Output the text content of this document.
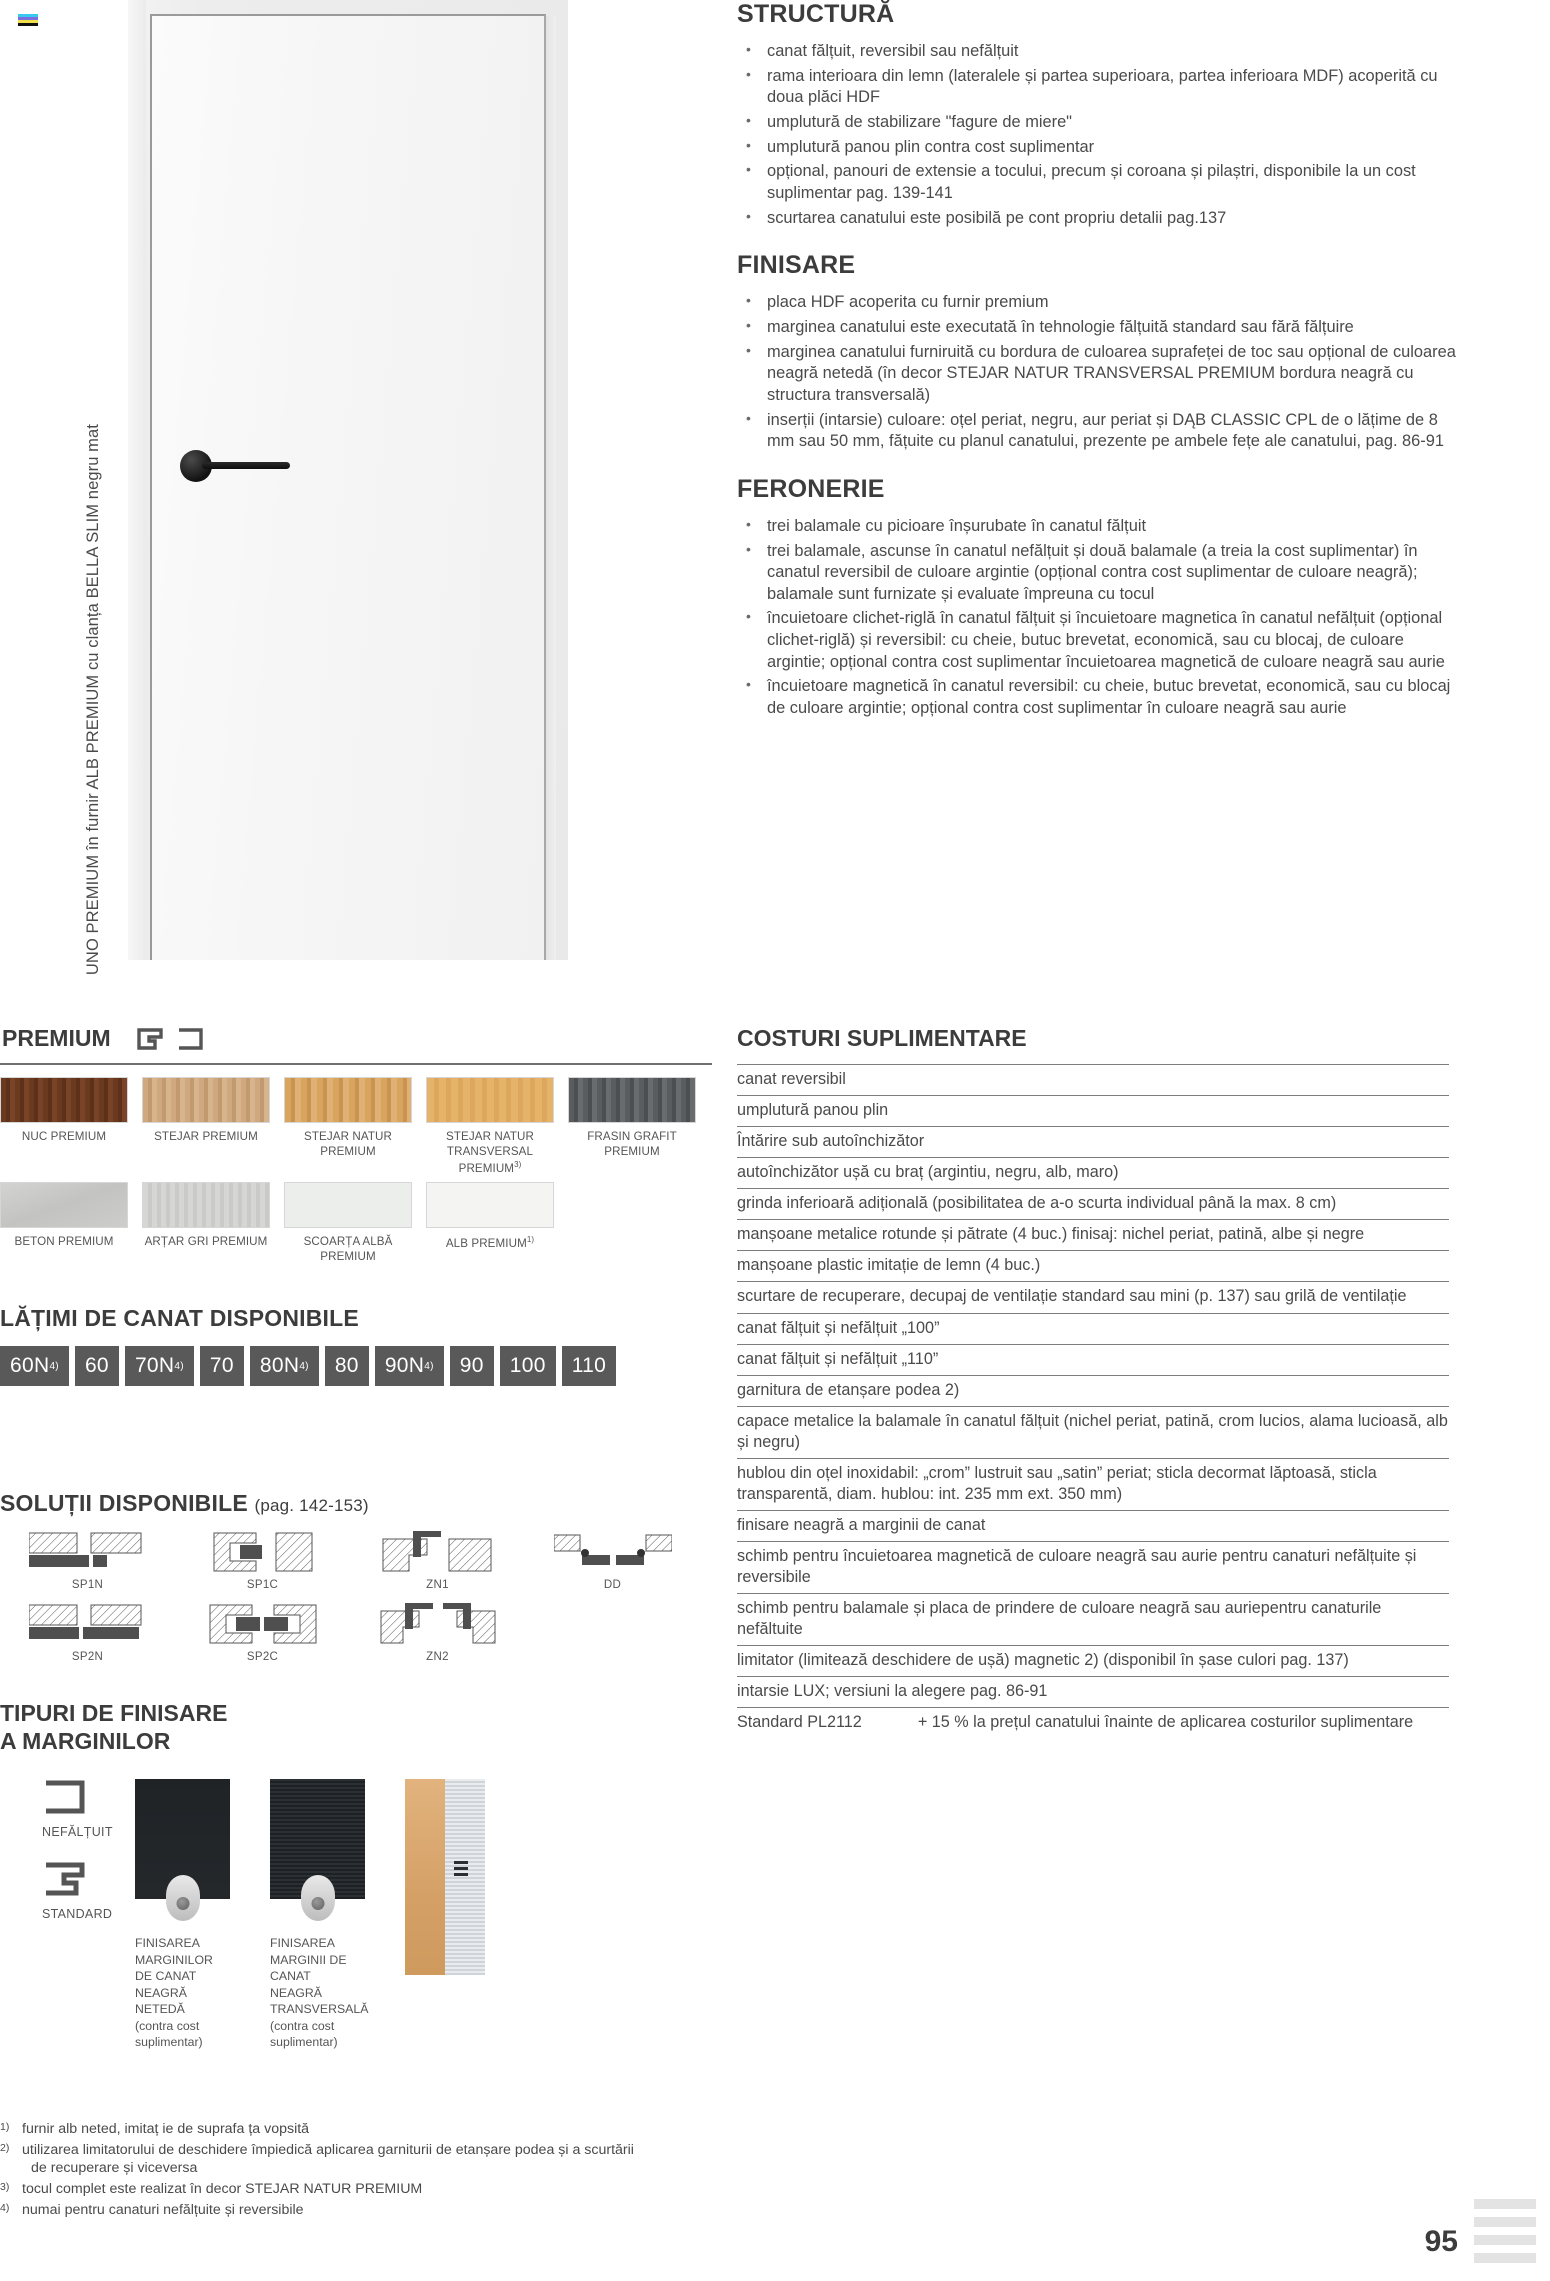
UNO PREMIUM în furnir ALB PREMIUM cu clanța BELLA SLIM negru mat
STRUCTURĂ
• canat fălțuit, reversibil sau nefălțuit
• rama interioara din lemn (lateralele și partea superioara, partea inferioara MDF) acoperită cu doua plăci HDF
• umplutură de stabilizare "fagure de miere"
• umplutură panou plin contra cost suplimentar
• opțional, panouri de extensie a tocului, precum și coroana și pilaștri, disponibile la un cost suplimentar pag. 139-141
• scurtarea canatului este posibilă pe cont propriu detalii pag.137
FINISARE
• placa HDF acoperita cu furnir premium
• marginea canatului este executată în tehnologie fălțuită standard sau fără fălțuire
• marginea canatului furniruită cu bordura de culoarea suprafeței de toc sau opțional de culoarea neagră netedă (în decor STEJAR NATUR TRANSVERSAL PREMIUM bordura neagră cu structura transversală)
• inserții (intarsie) culoare: oțel periat, negru, aur periat și DĄB CLASSIC CPL de o lățime de 8 mm sau 50 mm, fățuite cu planul canatului, prezente pe ambele fețe ale canatului, pag. 86-91
FERONERIE
• trei balamale cu picioare înșurubate în canatul fălțuit
• trei balamale, ascunse în canatul nefălțuit și două balamale (a treia la cost suplimentar) în canatul reversibil de culoare argintie (opțional contra cost suplimentar de culoare neagră); balamale sunt furnizate și evaluate împreuna cu tocul
• încuietoare clichet-riglă în canatul fălțuit și încuietoare magnetica în canatul nefălțuit (opțional clichet-riglă) și reversibil: cu cheie, butuc brevetat, economică, sau cu blocaj, de culoare argintie; opțional contra cost suplimentar încuietoarea magnetică de culoare neagră sau aurie
• încuietoare magnetică în canatul reversibil: cu cheie, butuc brevetat, economică, sau cu blocaj de culoare argintie; opțional contra cost suplimentar în culoare neagră sau aurie
PREMIUM
NUC PREMIUM	STEJAR PREMIUM	STEJAR NATUR PREMIUM
STEJAR NATUR TRANSVERSAL PREMIUM$^{3)}$
FRASIN GRAFIT PREMIUM
BETON PREMIUM	ARȚAR GRI PREMIUM	SCOARȚA ALBĂ PREMIUM
ALB PREMIUM$^{1)}$
LĂȚIMI DE CANAT DISPONIBILE
60N 4) 60 70N 4) 70 80N 4) 80 90N 4) 90 100 110
SOLUȚII DISPONIBILE (pag. 142-153)
SP1N	SP1C	ZN1	DD
SP2N	SP2C	ZN2
TIPURI DE FINISARE
A MARGINILOR
NEFĂLȚUIT
STANDARD
FINISAREA MARGINILOR DE CANAT NEAGRĂ NETEDĂ
(contra cost suplimentar)
FINISAREA MARGINII DE CANAT NEAGRĂ TRANSVERSALĂ
(contra cost suplimentar)
COSTURI SUPLIMENTARE
canat reversibil
umplutură panou plin
Întărire sub autoînchizător
autoînchizător ușă cu braț (argintiu, negru, alb, maro)
grinda inferioară adițională (posibilitatea de a-o scurta individual până la max. 8 cm)
manșoane metalice rotunde și pătrate (4 buc.) finisaj: nichel periat, patină, albe și negre
manșoane plastic imitație de lemn (4 buc.)
scurtare de recuperare, decupaj de ventilație standard sau mini (p. 137) sau grilă de ventilație
canat fălțuit și nefălțuit „100”
canat fălțuit și nefălțuit „110”
garnitura de etanșare podea 2)
capace metalice la balamale în canatul fălțuit (nichel periat, patină, crom lucios, alama lucioasă, alb și negru)
hublou din oțel inoxidabil: „crom” lustruit sau „satin” periat; sticla decormat lăptoasă, sticla transparentă, diam. hublou: int. 235 mm ext. 350 mm)
finisare neagră a marginii de canat
schimb pentru încuietoarea magnetică de culoare neagră sau aurie pentru canaturi nefălțuite și reversibile
schimb pentru balamale și placa de prindere de culoare neagră sau auriepentru canaturile nefăltuite
limitator (limitează deschidere de ușă) magnetic 2) (disponibil în șase culori pag. 137)
intarsie LUX; versiuni la alegere pag. 86-91
Standard PL2112	+ 15 % la prețul canatului înainte de aplicarea costurilor suplimentare
1) furnir alb neted, imitaț ie de suprafa ța vopsită
2) utilizarea limitatorului de deschidere împiedică aplicarea garniturii de etanșare podea și a scurtării
de recuperare și viceversa
3) tocul complet este realizat în decor STEJAR NATUR PREMIUM
4) numai pentru canaturi nefălțuite și reversibile
95
